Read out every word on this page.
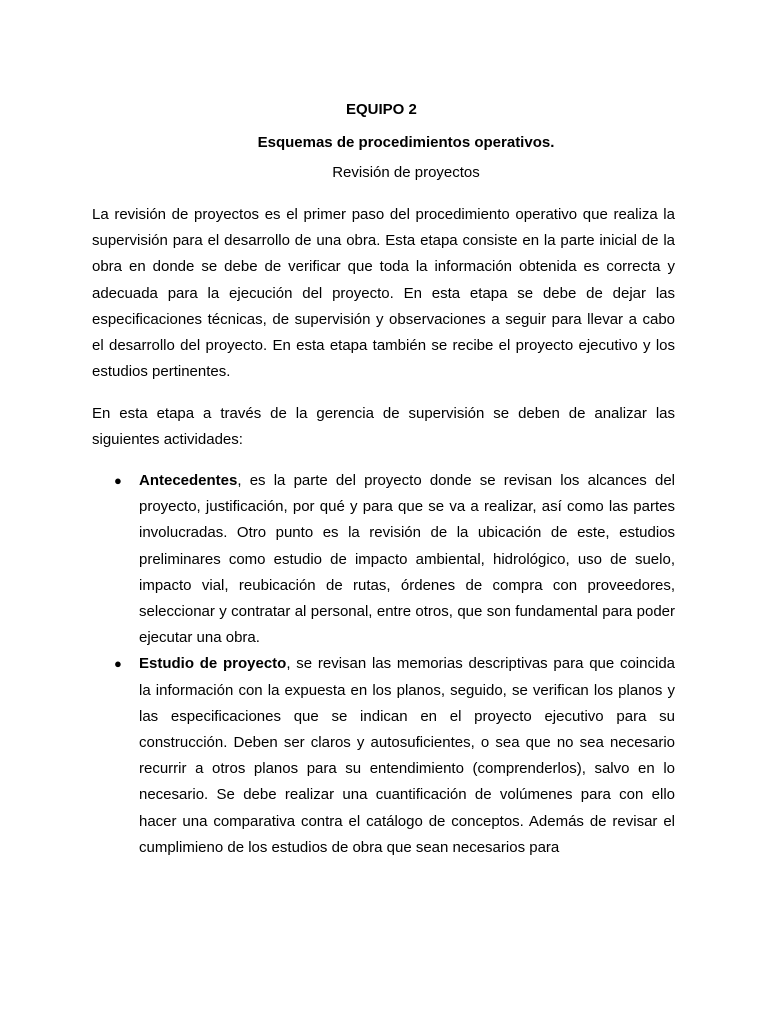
EQUIPO 2

Esquemas de procedimientos operativos.

Revisión de proyectos

La revisión de proyectos es el primer paso del procedimiento operativo que realiza la supervisión para el desarrollo de una obra. Esta etapa consiste en la parte inicial de la obra en donde se debe de verificar que toda la información obtenida es correcta y adecuada para la ejecución del proyecto. En esta etapa se debe de dejar las especificaciones técnicas, de supervisión y observaciones a seguir para llevar a cabo el desarrollo del proyecto. En esta etapa también se recibe el proyecto ejecutivo y los estudios pertinentes.

En esta etapa a través de la gerencia de supervisión se deben de analizar las siguientes actividades:

● Antecedentes, es la parte del proyecto donde se revisan los alcances del proyecto, justificación, por qué y para que se va a realizar, así como las partes involucradas. Otro punto es la revisión de la ubicación de este, estudios preliminares como estudio de impacto ambiental, hidrológico, uso de suelo, impacto vial, reubicación de rutas, órdenes de compra con proveedores, seleccionar y contratar al personal, entre otros, que son fundamental para poder ejecutar una obra.
● Estudio de proyecto, se revisan las memorias descriptivas para que coincida la información con la expuesta en los planos, seguido, se verifican los planos y las especificaciones que se indican en el proyecto ejecutivo para su construcción. Deben ser claros y autosuficientes, o sea que no sea necesario recurrir a otros planos para su entendimiento (comprenderlos), salvo en lo necesario. Se debe realizar una cuantificación de volúmenes para con ello hacer una comparativa contra el catálogo de conceptos. Además de revisar el cumplimieno de los estudios de obra que sean necesarios para
